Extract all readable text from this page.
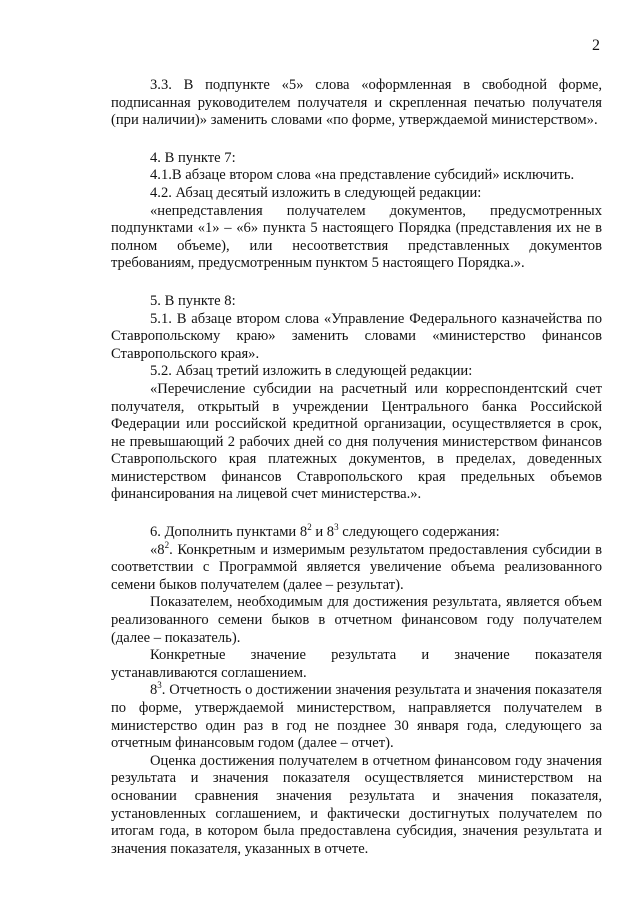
2

3.3. В подпункте «5» слова «оформленная в свободной форме, подписанная руководителем получателя и скрепленная печатью получателя (при наличии)» заменить словами «по форме, утверждаемой министерством».

4. В пункте 7:

4.1.В абзаце втором слова «на представление субсидий» исключить.

4.2. Абзац десятый изложить в следующей редакции:

«непредставления получателем документов, предусмотренных подпунктами «1» – «6» пункта 5 настоящего Порядка (представления их не в полном объеме), или несоответствия представленных документов требованиям, предусмотренным пунктом 5 настоящего Порядка.».

5. В пункте 8:

5.1. В абзаце втором слова «Управление Федерального казначейства по Ставропольскому краю» заменить словами «министерство финансов Ставропольского края».

5.2. Абзац третий изложить в следующей редакции:

«Перечисление субсидии на расчетный или корреспондентский счет получателя, открытый в учреждении Центрального банка Российской Федерации или российской кредитной организации, осуществляется в срок, не превышающий 2 рабочих дней со дня получения министерством финансов Ставропольского края платежных документов, в пределах, доведенных министерством финансов Ставропольского края предельных объемов финансирования на лицевой счет министерства.».

6. Дополнить пунктами $8^2$ и $8^3$ следующего содержания:

«$8^2$. Конкретным и измеримым результатом предоставления субсидии в соответствии с Программой является увеличение объема реализованного семени быков получателем (далее – результат).

Показателем, необходимым для достижения результата, является объем реализованного семени быков в отчетном финансовом году получателем (далее – показатель).

Конкретные значение результата и значение показателя устанавливаются соглашением.

$8^3$. Отчетность о достижении значения результата и значения показателя по форме, утверждаемой министерством, направляется получателем в министерство один раз в год не позднее 30 января года, следующего за отчетным финансовым годом (далее – отчет).

Оценка достижения получателем в отчетном финансовом году значения результата и значения показателя осуществляется министерством на основании сравнения значения результата и значения показателя, установленных соглашением, и фактически достигнутых получателем по итогам года, в котором была предоставлена субсидия, значения результата и значения показателя, указанных в отчете.
